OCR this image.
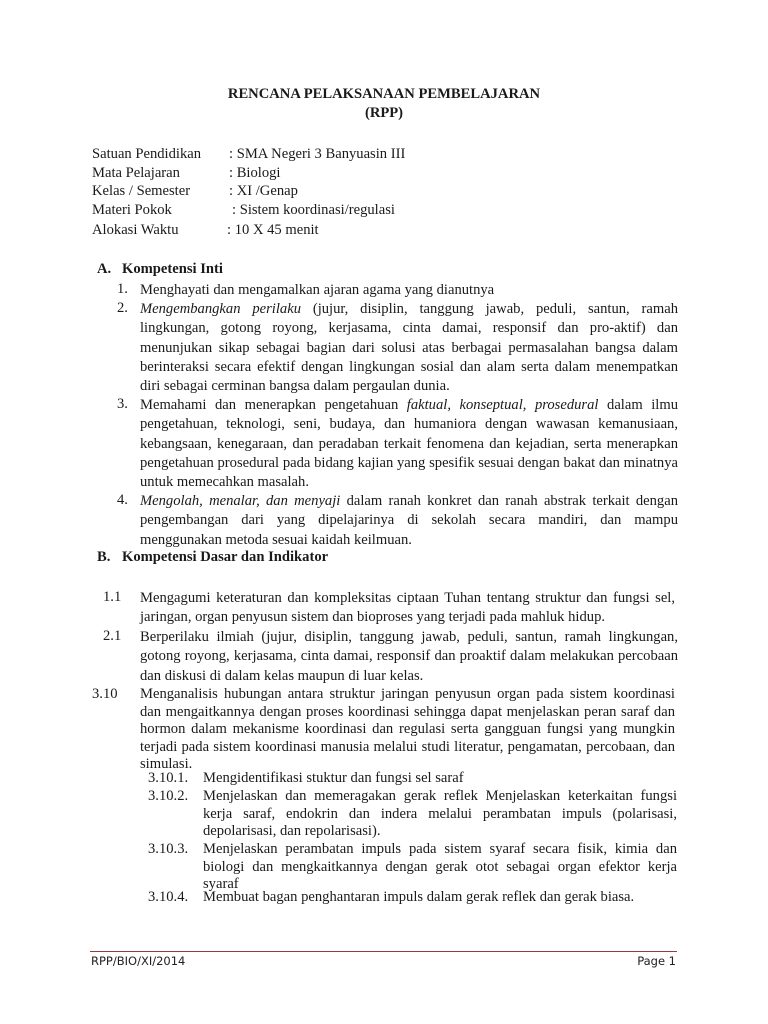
RENCANA PELAKSANAAN PEMBELAJARAN
(RPP)
Satuan Pendidikan : SMA Negeri 3 Banyuasin III
Mata Pelajaran	: Biologi
Kelas / Semester	: XI /Genap
Materi Pokok	: Sistem koordinasi/regulasi
Alokasi Waktu	: 10 X 45 menit
A. Kompetensi Inti
1. Menghayati dan mengamalkan ajaran agama yang dianutnya
2. Mengembangkan perilaku (jujur, disiplin, tanggung jawab, peduli, santun, ramah lingkungan, gotong royong, kerjasama, cinta damai, responsif dan pro-aktif) dan menunjukan sikap sebagai bagian dari solusi atas berbagai permasalahan bangsa dalam berinteraksi secara efektif dengan lingkungan sosial dan alam serta dalam menempatkan diri sebagai cerminan bangsa dalam pergaulan dunia.
3. Memahami dan menerapkan pengetahuan faktual, konseptual, prosedural dalam ilmu pengetahuan, teknologi, seni, budaya, dan humaniora dengan wawasan kemanusiaan, kebangsaan, kenegaraan, dan peradaban terkait fenomena dan kejadian, serta menerapkan pengetahuan prosedural pada bidang kajian yang spesifik sesuai dengan bakat dan minatnya untuk memecahkan masalah.
4. Mengolah, menalar, dan menyaji dalam ranah konkret dan ranah abstrak terkait dengan pengembangan dari yang dipelajarinya di sekolah secara mandiri, dan mampu menggunakan metoda sesuai kaidah keilmuan.
B. Kompetensi Dasar dan Indikator
1.1 Mengagumi keteraturan dan kompleksitas ciptaan Tuhan tentang struktur dan fungsi sel, jaringan, organ penyusun sistem dan bioproses yang terjadi pada mahluk hidup.
2.1 Berperilaku ilmiah (jujur, disiplin, tanggung jawab, peduli, santun, ramah lingkungan, gotong royong, kerjasama, cinta damai, responsif dan proaktif dalam melakukan percobaan dan diskusi di dalam kelas maupun di luar kelas.
3.10 Menganalisis hubungan antara struktur jaringan penyusun organ pada sistem koordinasi dan mengaitkannya dengan proses koordinasi sehingga dapat menjelaskan peran saraf dan hormon dalam mekanisme koordinasi dan regulasi serta gangguan fungsi yang mungkin terjadi pada sistem koordinasi manusia melalui studi literatur, pengamatan, percobaan, dan simulasi.
3.10.1. Mengidentifikasi stuktur dan fungsi sel saraf
3.10.2. Menjelaskan dan memeragakan gerak reflek Menjelaskan keterkaitan fungsi kerja saraf, endokrin dan indera melalui perambatan impuls (polarisasi, depolarisasi, dan repolarisasi).
3.10.3. Menjelaskan perambatan impuls pada sistem syaraf secara fisik, kimia dan biologi dan mengkaitkannya dengan gerak otot sebagai organ efektor kerja syaraf
3.10.4. Membuat bagan penghantaran impuls dalam gerak reflek dan gerak biasa.
RPP/BIO/XI/2014	Page 1
